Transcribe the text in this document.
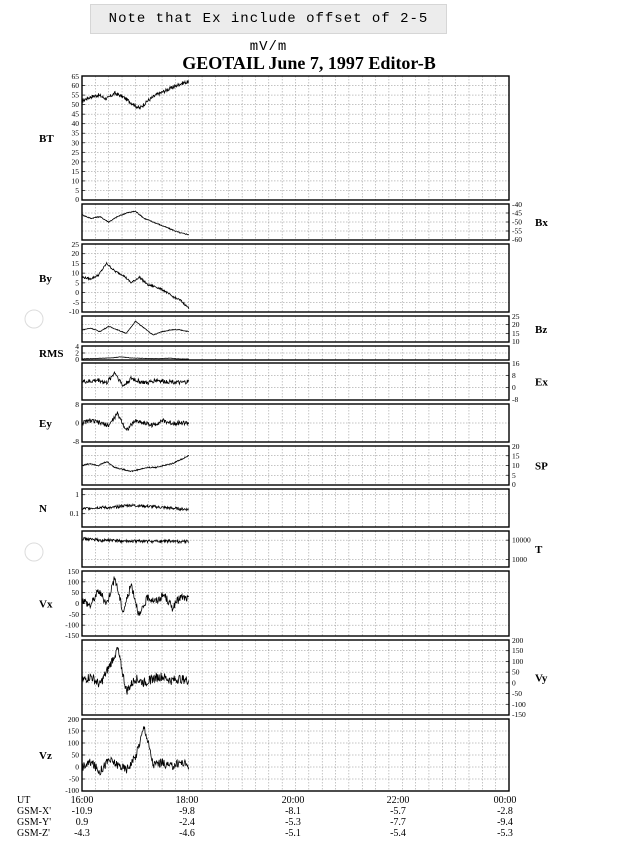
Note that Ex include offset of 2-5 mV/m
GEOTAIL June 7, 1997 Editor-B
0
5
10
15
20
25
30
35
40
45
50
55
60
65
BT
-40
-45
-50
-55
-60
Bx
25
20
15
10
5
0
-5
-10
By
25
20
15
10
Bz
4
2
0
RMS
16
8
0
-8
Ex
8
0
-8
Ey
20
15
10
5
0
SP
1
0.1
N
10000
1000
T
150
100
50
0
-50
-100
-150
Vx
200
150
100
50
0
-50
-100
-150
Vy
200
150
100
50
0
-50
-100
Vz
UT	16:00	18:00	20:00	22:00	00:00
GSM-X' -10.9	-9.8	-8.1	-5.7	-2.8
GSM-Y' 0.9	-2.4	-5.3	-7.7	-9.4
GSM-Z' -4.3	-4.6	-5.1	-5.4	-5.3
